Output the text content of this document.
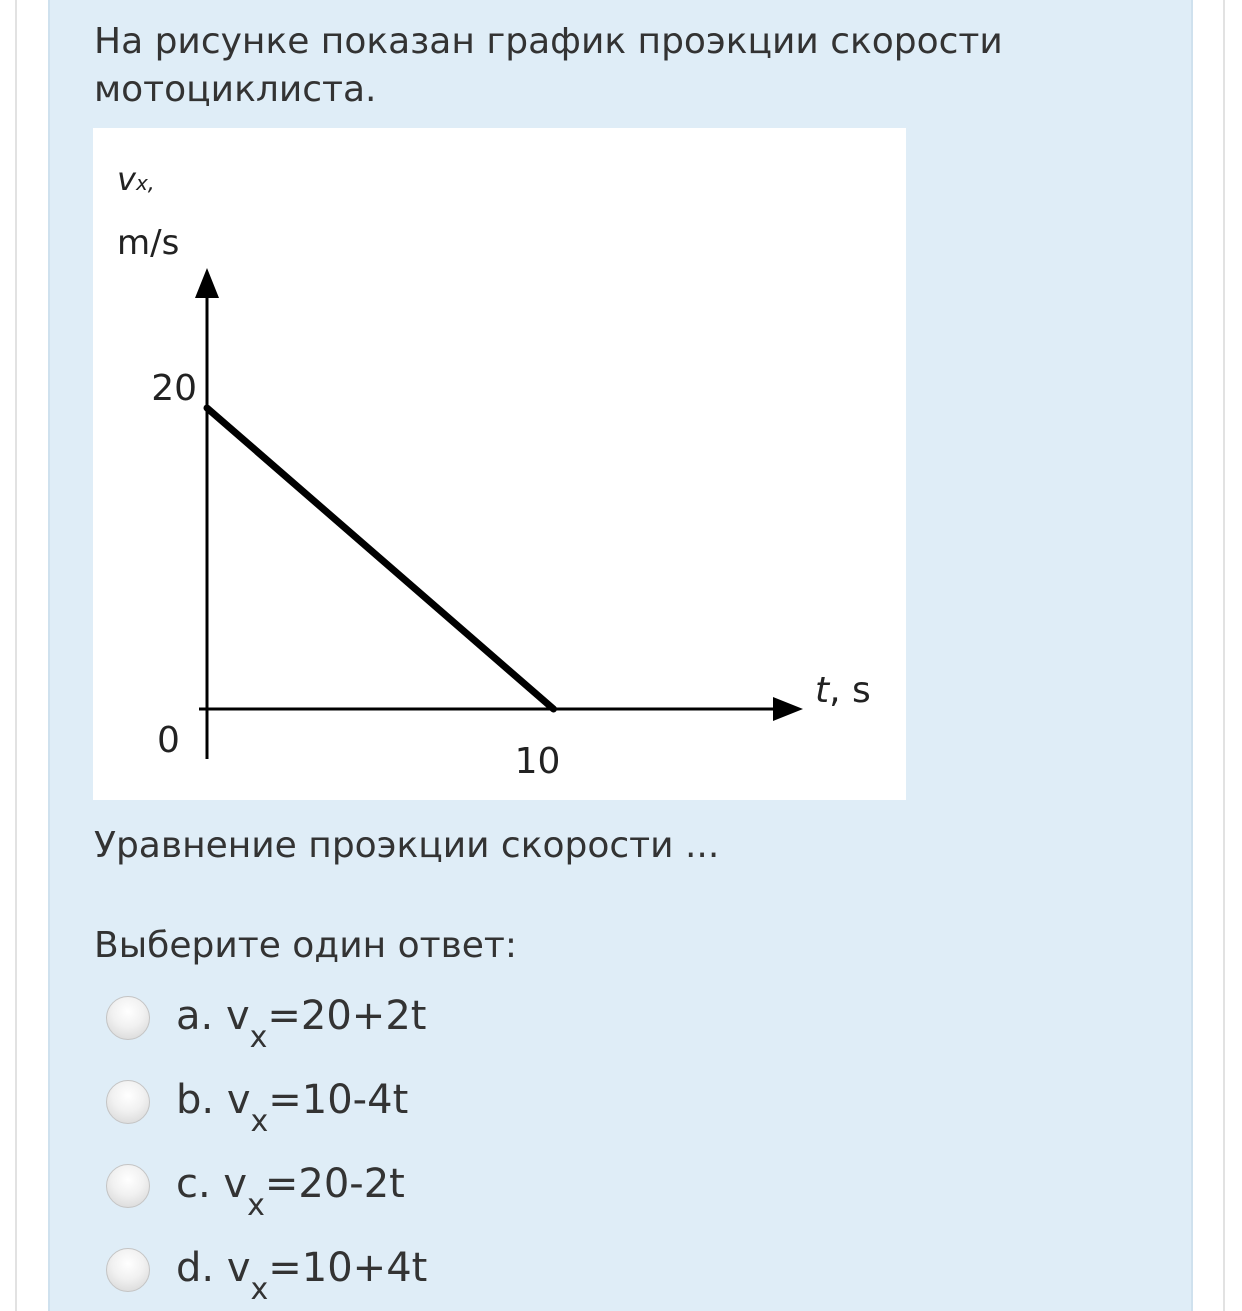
На рисунке показан график проэкции скорости мотоциклиста.

vx,
m/s
t, s
0
20
10
Уравнение проэкции скорости ...
Выберите один ответ:
a. $v_x=20+2t$
b. $v_x=10-4t$
c. $v_x=20-2t$
d. $v_x=10+4t$
